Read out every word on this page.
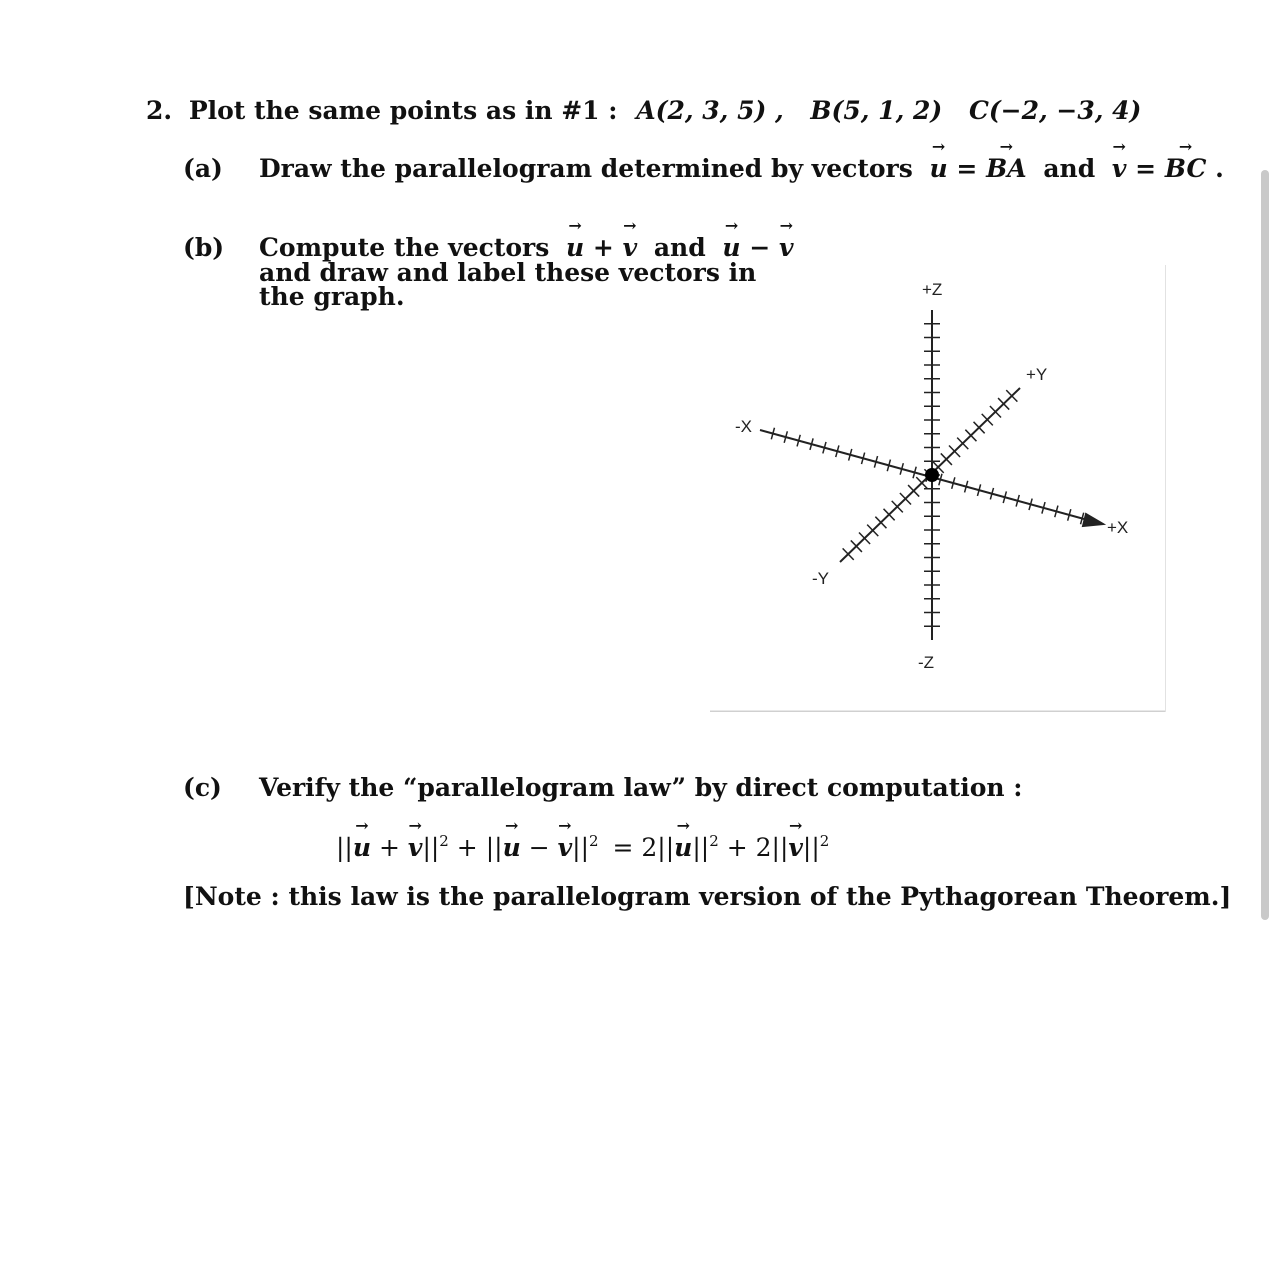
2. Plot the same points as in #1 : A(2, 3, 5) , B(5, 1, 2) C(−2, −3, 4)
(a) Draw the parallelogram determined by vectors → u = → BA and → v = → BC .
(b) Compute the vectors → u + → v and → u − → v
and draw and label these vectors in
the graph.	+Z
-Z
+Y
-Y
-X
+X
(c) Verify the “parallelogram law” by direct computation :
||→ u + → $v||^2$ + ||→ u − → $v||^2 = 2||\to u||^2 + 2||\to v||^2$
[Note : this law is the parallelogram version of the Pythagorean Theorem.]
